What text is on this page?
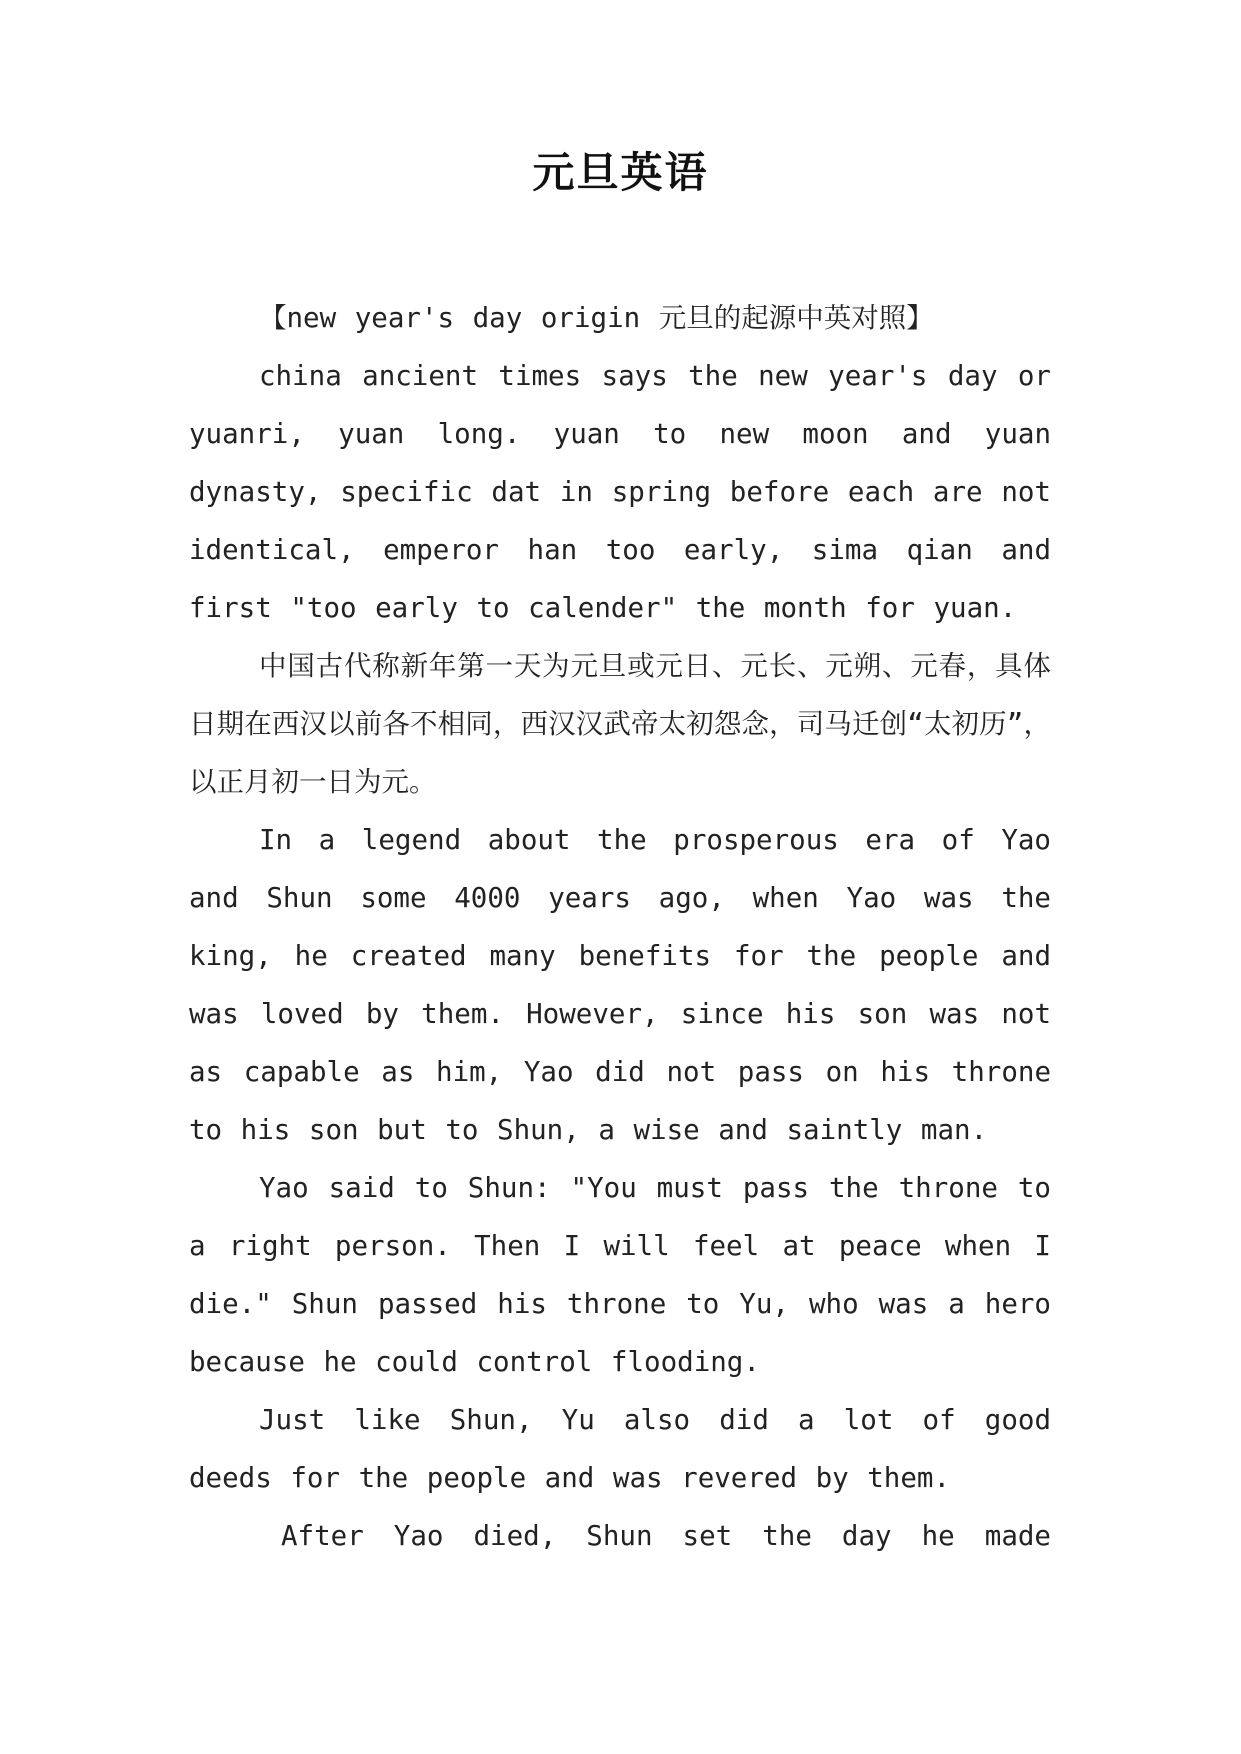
元旦英语

【new year's day origin 元旦的起源中英对照】

china ancient times says the new year's day or yuanri, yuan long. yuan to new moon and yuan dynasty, specific dat in spring before each are not identical, emperor han too early, sima qian and first "too early to calender" the month for yuan.

中国古代称新年第一天为元旦或元日、元长、元朔、元春，具体日期在西汉以前各不相同，西汉汉武帝太初怨念，司马迁创“太初历”，以正月初一日为元。

In a legend about the prosperous era of Yao and Shun some 4000 years ago, when Yao was the king, he created many benefits for the people and was loved by them. However, since his son was not as capable as him, Yao did not pass on his throne to his son but to Shun, a wise and saintly man.

Yao said to Shun: "You must pass the throne to a right person. Then I will feel at peace when I die." Shun passed his throne to Yu, who was a hero because he could control flooding.

Just like Shun, Yu also did a lot of good deeds for the people and was revered by them.

After Yao died, Shun set the day he made
